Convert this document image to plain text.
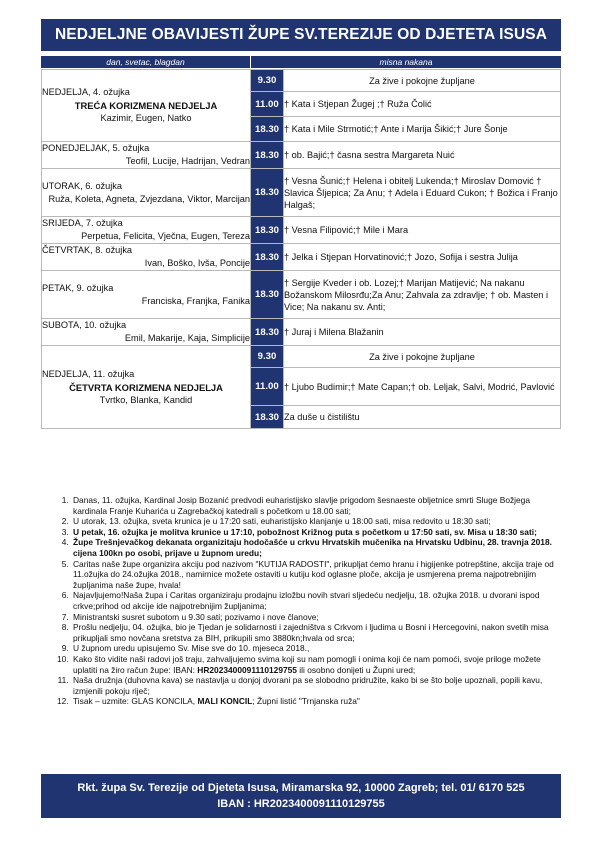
NEDJELJNE OBAVIJESTI ŽUPE SV.TEREZIJE OD DJETETA ISUSA
dan, svetac, blagdan	misna nakana
NEDJELJA, 4. ožujka
TREĆA KORIZMENA NEDJELJA
Kazimir, Eugen, Natko	9.30	Za žive i pokojne župljane
	11.00	† Kata i Stjepan Žugej ;† Ruža Čolić
	18.30	† Kata i Mile Strmotić;† Ante i Marija Šikić;† Jure Šonje

PONEDJELJAK, 5. ožujka
Teofil, Lucije, Hadrijan, Vedran	18.30	† ob. Bajić;† časna sestra Margareta Nuić

UTORAK, 6. ožujka
Ruža, Koleta, Agneta, Zvjezdana, Viktor, Marcijan	18.30	† Vesna Šunić;† Helena i obitelj Lukenda;† Miroslav Domović † Slavica Šljepica; Za Anu; † Adela i Eduard Cukon; † Božica i Franjo Halgaš;

SRIJEDA, 7. ožujka
Perpetua, Felicita, Vječna, Eugen, Tereza	18.30	† Vesna Filipović;† Mile i Mara

ČETVRTAK, 8. ožujka
Ivan, Boško, Ivša, Poncije	18.30	† Jelka i Stjepan Horvatinović;† Jozo, Sofija i sestra Julija

PETAK, 9. ožujka
Franciska, Franjka, Fanika	18.30	† Sergije Kveder i ob. Lozej;† Marijan Matijević; Na nakanu Božanskom Milosrđu;Za Anu; Zahvala za zdravlje; † ob. Masten i Vice; Na nakanu sv. Anti;

SUBOTA, 10. ožujka
Emil, Makarije, Kaja, Simplicije	18.30	† Juraj i Milena Blažanin

NEDJELJA, 11. ožujka
ČETVRTA KORIZMENA NEDJELJA
Tvrtko, Blanka, Kandid	9.30	Za žive i pokojne župljane
	11.00	† Ljubo Budimir;† Mate Capan;† ob. Leljak, Salvi, Modrić, Pavlović
	18.30	Za duše u čistilištu
1. Danas, 11. ožujka, Kardinal Josip Bozanić predvodi euharistijsko slavlje prigodom šesnaeste obljetnice smrti Sluge Božjega kardinala Franje Kuharića u Zagrebačkoj katedrali s početkom u 18.00 sati;
2. U utorak, 13. ožujka, sveta krunica je u 17:20 sati, euharistijsko klanjanje u 18:00 sati, misa redovito u 18:30 sati;
3. U petak, 16. ožujka je molitva krunice u 17:10, pobožnost Križnog puta s početkom u 17:50 sati, sv. Misa u 18:30 sati;
4. Župe Trešnjevačkog dekanata organizitaju hodočašće u crkvu Hrvatskih mučenika na Hrvatsku Udbinu, 28. travnja 2018. cijena 100kn po osobi, prijave u župnom uredu;
5. Caritas naše župe organizira akciju pod nazivom "KUTIJA RADOSTI", prikupljat ćemo hranu i higijenke potrepštine, akcija traje od 11.ožujka do 24.ožujka 2018., namirnice možete ostaviti u kutiju kod oglasne ploče, akcija je usmjerena prema najpotrebnijim župljanima naše župe, hvala!
6. Najavljujemo!Naša župa i Caritas organiziraju prodajnu izložbu novih stvari sljedeću nedjelju, 18. ožujka 2018. u dvorani ispod crkve;prihod od akcije ide najpotrebnijim župljanima;
7. Ministrantski susret subotom u 9.30 sati; pozivamo i nove članove;
8. Prošlu nedjelju, 04. ožujka, bio je Tjedan je solidarnosti i zajedništva s Crkvom i ljudima u Bosni i Hercegovini, nakon svetih misa prikupljali smo novčana sretstva za BIH, prikupili smo 3880kn;hvala od srca;
9. U župnom uredu upisujemo Sv. Mise sve do 10. mjeseca 2018.,
10. Kako što vidite naši radovi još traju, zahvaljujemo svima koji su nam pomogli i onima koji će nam pomoći, svoje priloge možete uplatiti na žiro račun župe: IBAN: HR2023400091110129755 ili osobno donijeti u Župni ured;
11. Naša družnja (duhovna kava) se nastavlja u donjoj dvorani pa se slobodno pridružite, kako bi se što bolje upoznali, popili kavu, izmjenili pokoju riječ;
12. Tisak – uzmite: GLAS KONCILA, MALI KONCIL; Župni listić "Trnjanska ruža"
Rkt. župa Sv. Terezije od Djeteta Isusa, Miramarska 92, 10000 Zagreb; tel. 01/ 6170 525
IBAN : HR2023400091110129755
